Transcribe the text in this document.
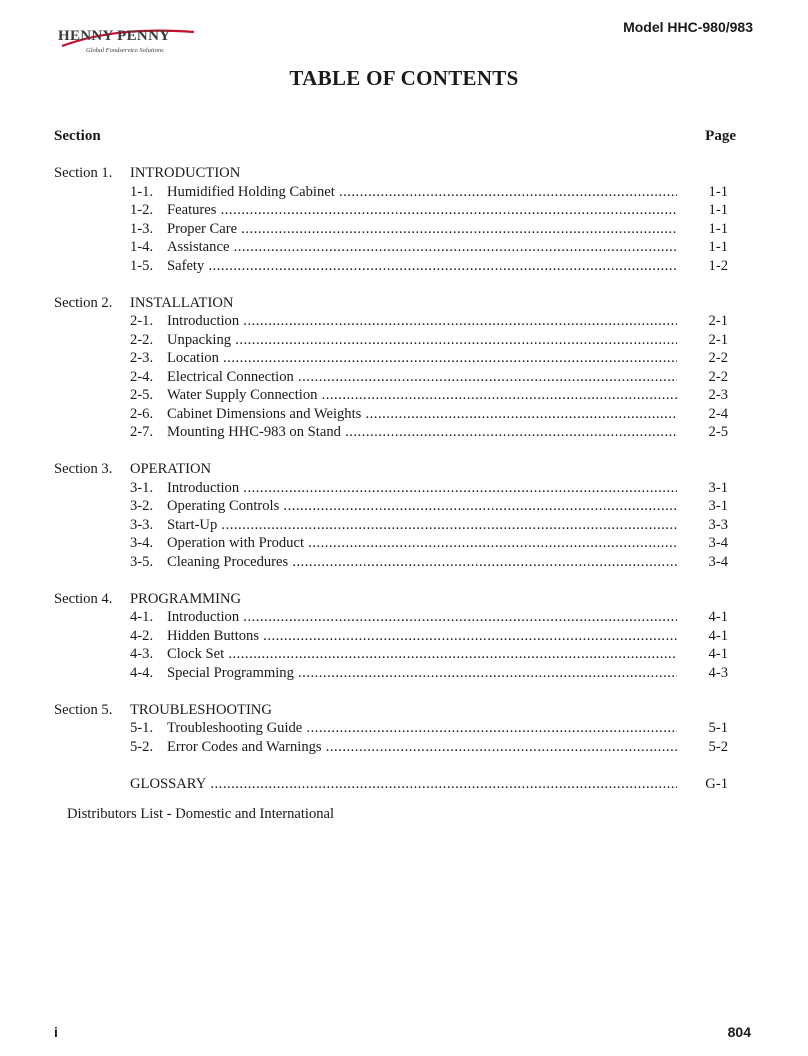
HENNY PENNY
Global Foodservice Solutions
Model HHC-980/983
TABLE OF CONTENTS
Section	Page
Section 1. INTRODUCTION
1-1. Humidified Holding Cabinet .....	1-1
1-2. Features .....	1-1
1-3. Proper Care .....	1-1
1-4. Assistance .....	1-1
1-5. Safety .....	1-2
Section 2. INSTALLATION
2-1. Introduction .....	2-1
2-2. Unpacking .....	2-1
2-3. Location .....	2-2
2-4. Electrical Connection .....	2-2
2-5. Water Supply Connection .....	2-3
2-6. Cabinet Dimensions and Weights .....	2-4
2-7. Mounting HHC-983 on Stand .....	2-5
Section 3. OPERATION
3-1. Introduction .....	3-1
3-2. Operating Controls .....	3-1
3-3. Start-Up .....	3-3
3-4. Operation with Product .....	3-4
3-5. Cleaning Procedures .....	3-4
Section 4. PROGRAMMING
4-1. Introduction .....	4-1
4-2. Hidden Buttons .....	4-1
4-3. Clock Set .....	4-1
4-4. Special Programming .....	4-3
Section 5. TROUBLESHOOTING
5-1. Troubleshooting Guide .....	5-1
5-2. Error Codes and Warnings .....	5-2
GLOSSARY .....	G-1
Distributors List - Domestic and International
i	804
